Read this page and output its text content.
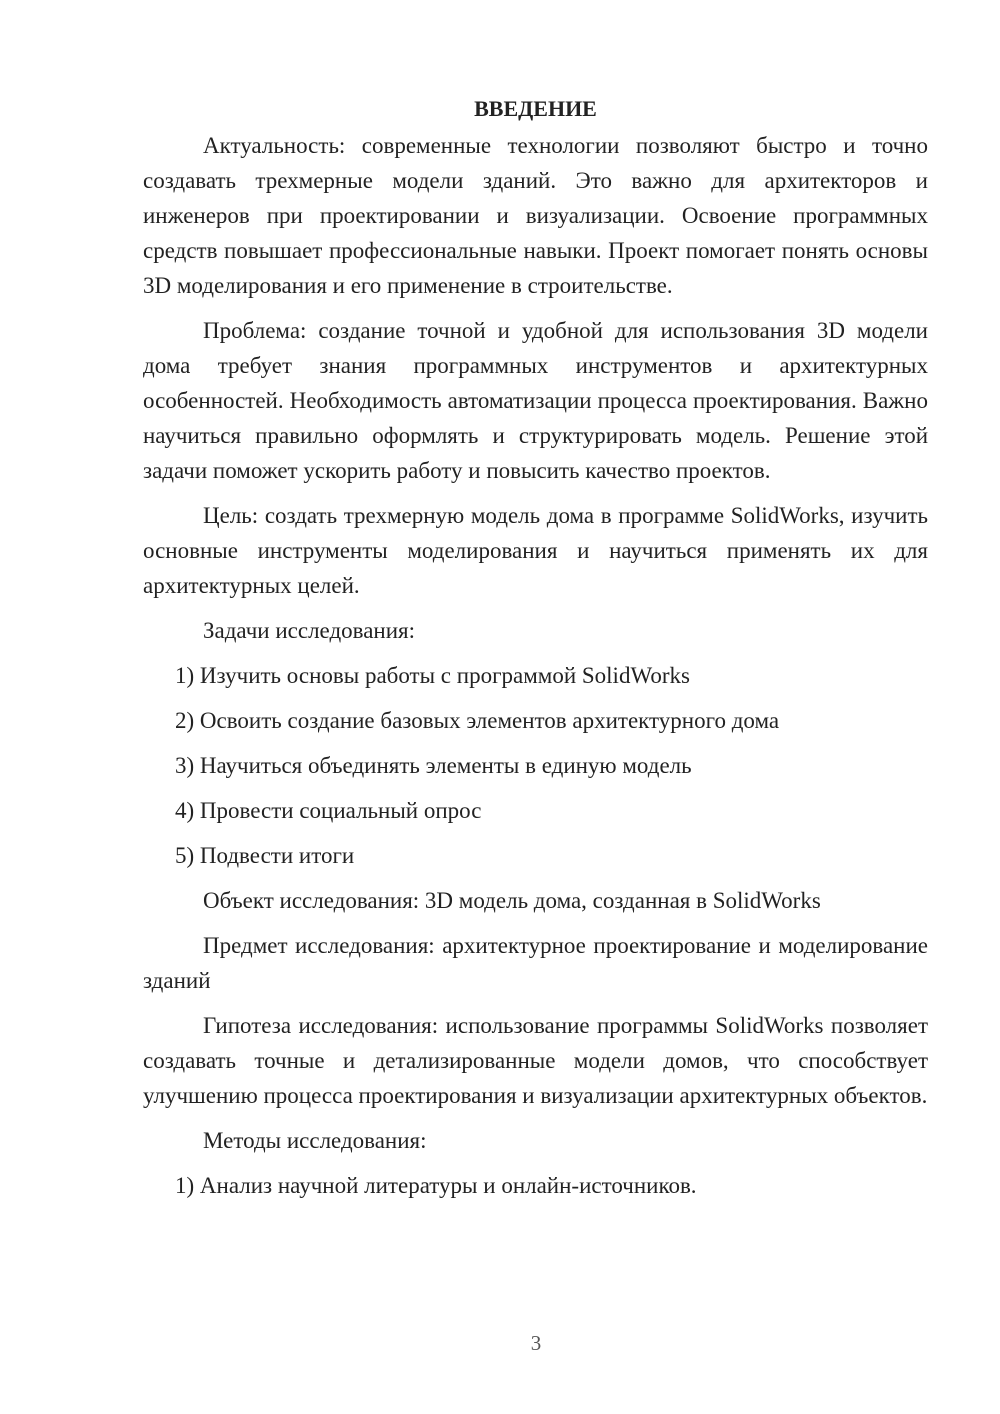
ВВЕДЕНИЕ
Актуальность: современные технологии позволяют быстро и точно создавать трехмерные модели зданий. Это важно для архитекторов и инженеров при проектировании и визуализации. Освоение программных средств повышает профессиональные навыки. Проект помогает понять основы 3D моделирования и его применение в строительстве.
Проблема: создание точной и удобной для использования 3D модели дома требует знания программных инструментов и архитектурных особенностей. Необходимость автоматизации процесса проектирования. Важно научиться правильно оформлять и структурировать модель. Решение этой задачи поможет ускорить работу и повысить качество проектов.
Цель: создать трехмерную модель дома в программе SolidWorks, изучить основные инструменты моделирования и научиться применять их для архитектурных целей.
Задачи исследования:
1) Изучить основы работы с программой SolidWorks
2) Освоить создание базовых элементов архитектурного дома
3) Научиться объединять элементы в единую модель
4) Провести социальный опрос
5) Подвести итоги
Объект исследования: 3D модель дома, созданная в SolidWorks
Предмет исследования: архитектурное проектирование и моделирование зданий
Гипотеза исследования: использование программы SolidWorks позволяет создавать точные и детализированные модели домов, что способствует улучшению процесса проектирования и визуализации архитектурных объектов.
Методы исследования:
1) Анализ научной литературы и онлайн-источников.
3
